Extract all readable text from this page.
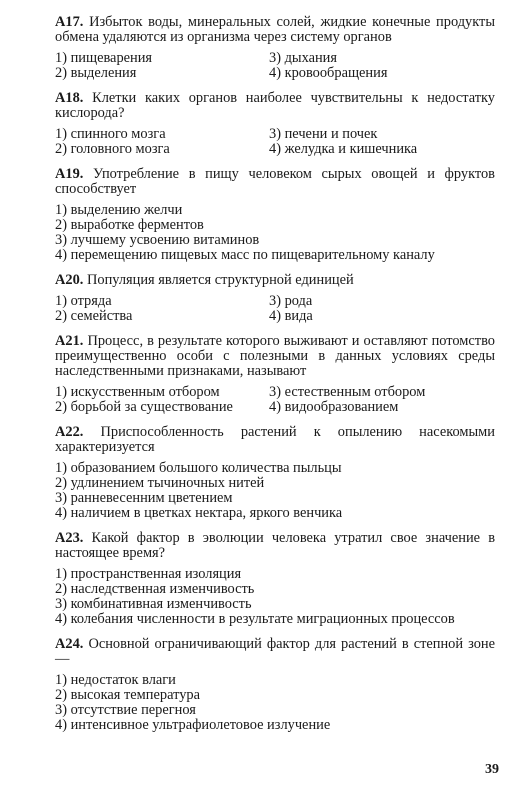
A17. Избыток воды, минеральных солей, жидкие конечные продукты обмена удаляются из организма через систему органов

1) пищеварения	3) дыхания
2) выделения	4) кровообращения

A18. Клетки каких органов наиболее чувствительны к недостатку кислорода?

1) спинного мозга	3) печени и почек
2) головного мозга	4) желудка и кишечника

A19. Употребление в пищу человеком сырых овощей и фруктов способствует

1) выделению желчи
2) выработке ферментов
3) лучшему усвоению витаминов
4) перемещению пищевых масс по пищеварительному каналу

A20. Популяция является структурной единицей

1) отряда	3) рода
2) семейства	4) вида

A21. Процесс, в результате которого выживают и оставляют потомство преимущественно особи с полезными в данных условиях среды наследственными признаками, называют

1) искусственным отбором	3) естественным отбором
2) борьбой за существование	4) видообразованием

A22. Приспособленность растений к опылению насекомыми характеризуется

1) образованием большого количества пыльцы
2) удлинением тычиночных нитей
3) ранневесенним цветением
4) наличием в цветках нектара, яркого венчика

A23. Какой фактор в эволюции человека утратил свое значение в настоящее время?

1) пространственная изоляция
2) наследственная изменчивость
3) комбинативная изменчивость
4) колебания численности в результате миграционных процессов

A24. Основной ограничивающий фактор для растений в степной зоне —

1) недостаток влаги
2) высокая температура
3) отсутствие перегноя
4) интенсивное ультрафиолетовое излучение
39
